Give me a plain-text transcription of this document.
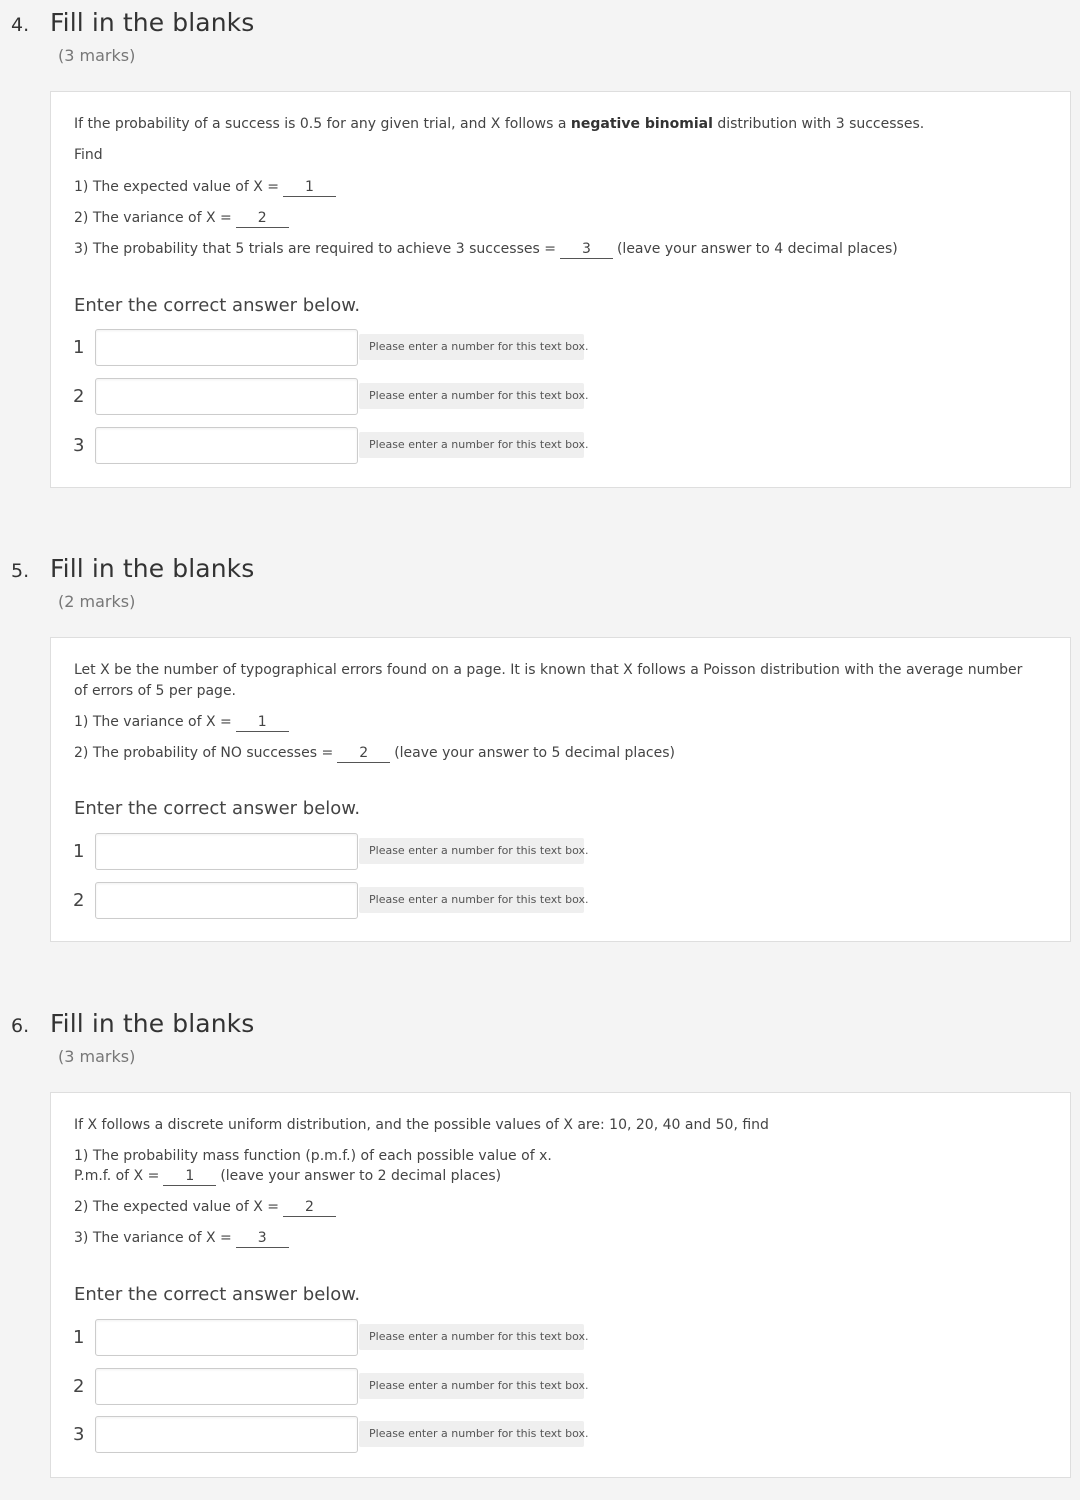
4. Fill in the blanks
(3 marks)
If the probability of a success is 0.5 for any given trial, and X follows a negative binomial distribution with 3 successes.
Find
1) The expected value of X = 1
2) The variance of X = 2
3) The probability that 5 trials are required to achieve 3 successes = 3 (leave your answer to 4 decimal places)
Enter the correct answer below.
1	Please enter a number for this text box.
2	Please enter a number for this text box.
3	Please enter a number for this text box.
5. Fill in the blanks
(2 marks)
Let X be the number of typographical errors found on a page. It is known that X follows a Poisson distribution with the average number of errors of 5 per page.
1) The variance of X = 1
2) The probability of NO successes = 2 (leave your answer to 5 decimal places)
Enter the correct answer below.
1	Please enter a number for this text box.
2	Please enter a number for this text box.
6. Fill in the blanks
(3 marks)
If X follows a discrete uniform distribution, and the possible values of X are: 10, 20, 40 and 50, find
1) The probability mass function (p.m.f.) of each possible value of x.
P.m.f. of X = 1 (leave your answer to 2 decimal places)
2) The expected value of X = 2
3) The variance of X = 3
Enter the correct answer below.
1	Please enter a number for this text box.
2	Please enter a number for this text box.
3	Please enter a number for this text box.
